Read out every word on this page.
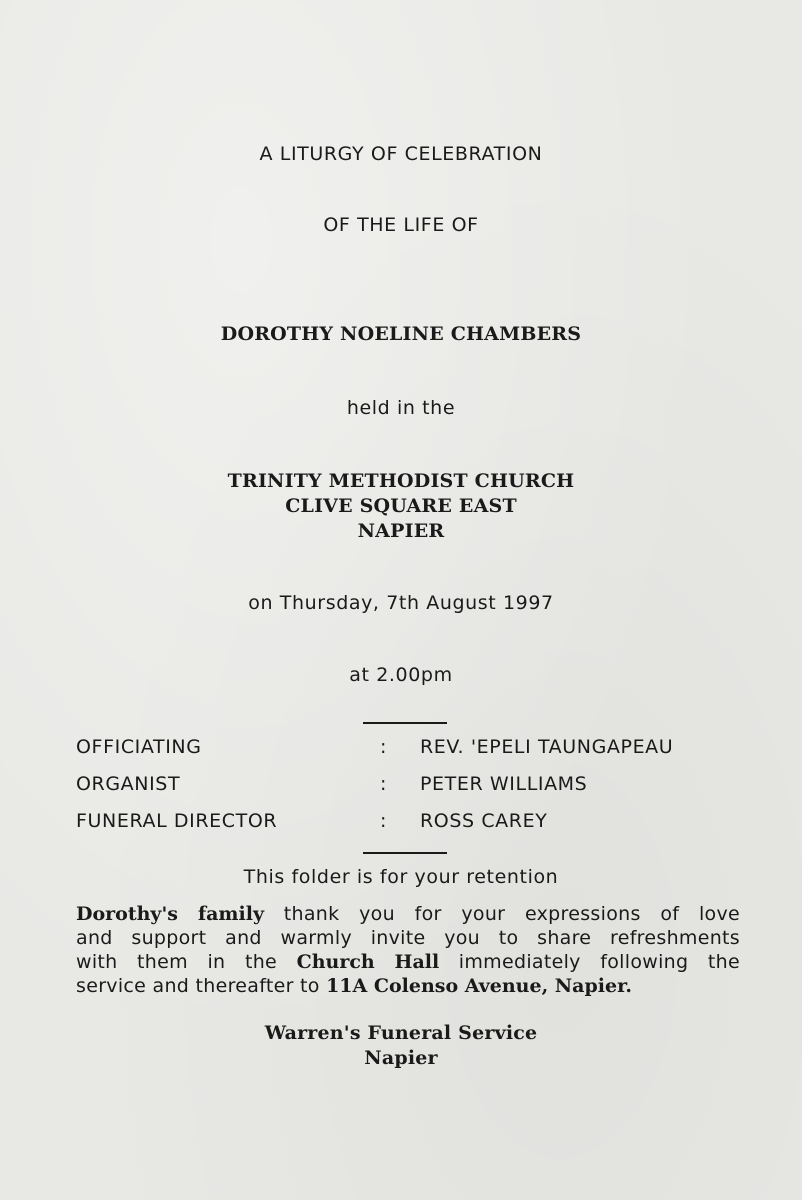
A LITURGY OF CELEBRATION
OF THE LIFE OF
DOROTHY NOELINE CHAMBERS
held in the
TRINITY METHODIST CHURCH
CLIVE SQUARE EAST
NAPIER
on Thursday, 7th August 1997
at 2.00pm
OFFICIATING	: REV. 'EPELI TAUNGAPEAU
ORGANIST	: PETER WILLIAMS
FUNERAL DIRECTOR	: ROSS CAREY
This folder is for your retention
Dorothy's family thank you for your expressions of love
and support and warmly invite you to share refreshments
with them in the Church Hall immediately following the
service and thereafter to 11A Colenso Avenue, Napier.
Warren's Funeral Service
Napier
